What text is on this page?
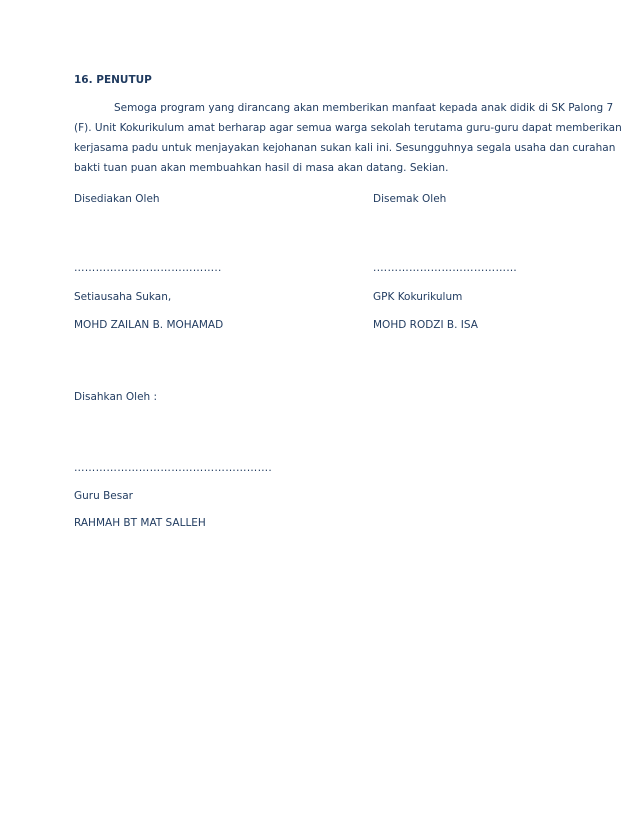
16. PENUTUP
Semoga program yang dirancang akan memberikan manfaat kepada anak didik di SK Palong 7
(F). Unit Kokurikulum amat berharap agar semua warga sekolah terutama guru-guru dapat memberikan
kerjasama padu untuk menjayakan kejohanan sukan kali ini. Sesungguhnya segala usaha dan curahan
bakti tuan puan akan membuahkan hasil di masa akan datang. Sekian.
Disediakan Oleh
…………………………………..
Setiausaha Sukan,
MOHD ZAILAN B. MOHAMAD
Disemak Oleh
.…………………………………
GPK Kokurikulum
MOHD RODZI B. ISA
Disahkan Oleh :
……………………………………………….
Guru Besar
RAHMAH BT MAT SALLEH
